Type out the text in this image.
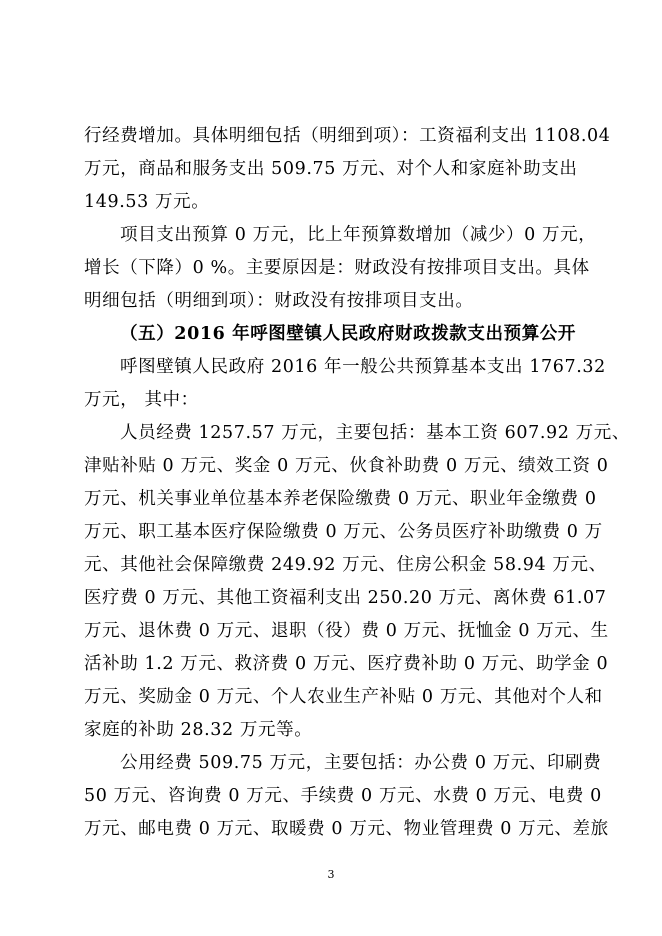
行经费增加。具体明细包括（明细到项）：工资福利支出 1108.04
万元，商品和服务支出 509.75 万元、对个人和家庭补助支出
149.53 万元。
项目支出预算 0 万元，比上年预算数增加（减少）0 万元，
增长（下降）0 %。主要原因是：财政没有按排项目支出。具体
明细包括（明细到项）：财政没有按排项目支出。
（五）2016 年呼图壁镇人民政府财政拨款支出预算公开
呼图壁镇人民政府 2016 年一般公共预算基本支出 1767.32
万元， 其中：
人员经费 1257.57 万元，主要包括：基本工资 607.92 万元、
津贴补贴 0 万元、奖金 0 万元、伙食补助费 0 万元、绩效工资 0
万元、机关事业单位基本养老保险缴费 0 万元、职业年金缴费 0
万元、职工基本医疗保险缴费 0 万元、公务员医疗补助缴费 0 万
元、其他社会保障缴费 249.92 万元、住房公积金 58.94 万元、
医疗费 0 万元、其他工资福利支出 250.20 万元、离休费 61.07
万元、退休费 0 万元、退职（役）费 0 万元、抚恤金 0 万元、生
活补助 1.2 万元、救济费 0 万元、医疗费补助 0 万元、助学金 0
万元、奖励金 0 万元、个人农业生产补贴 0 万元、其他对个人和
家庭的补助 28.32 万元等。
公用经费 509.75 万元，主要包括：办公费 0 万元、印刷费
50 万元、咨询费 0 万元、手续费 0 万元、水费 0 万元、电费 0
万元、邮电费 0 万元、取暖费 0 万元、物业管理费 0 万元、差旅
3
